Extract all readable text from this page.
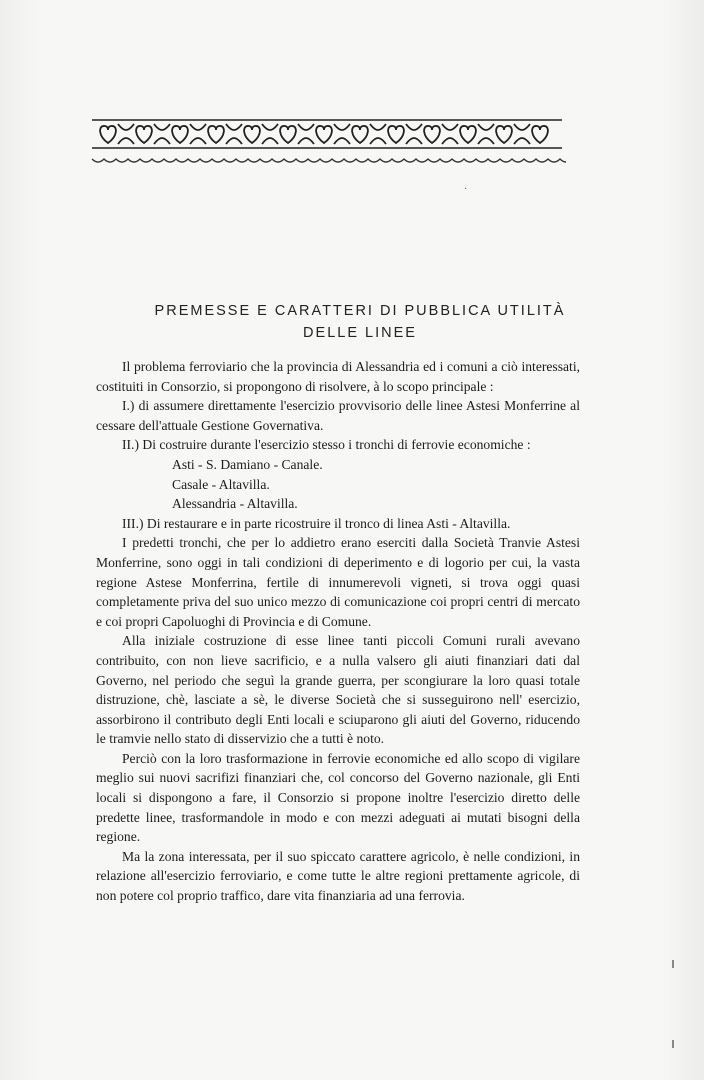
·
PREMESSE E CARATTERI DI PUBBLICA UTILITÀ
DELLE LINEE

Il problema ferroviario che la provincia di Alessandria ed i comuni a ciò interessati, costituiti in Consorzio, si propongono di risolvere, à lo scopo principale :

I.) di assumere direttamente l'esercizio provvisorio delle linee Astesi Monferrine al cessare dell'attuale Gestione Governativa.

II.) Di costruire durante l'esercizio stesso i tronchi di ferrovie economiche :

Asti - S. Damiano - Canale.

Casale - Altavilla.

Alessandria - Altavilla.

III.) Di restaurare e in parte ricostruire il tronco di linea Asti - Altavilla.

I predetti tronchi, che per lo addietro erano eserciti dalla Società Tranvie Astesi Monferrine, sono oggi in tali condizioni di deperimento e di logorio per cui, la vasta regione Astese Monferrina, fertile di innumerevoli vigneti, si trova oggi quasi completamente priva del suo unico mezzo di comunicazione coi propri centri di mercato e coi propri Capoluoghi di Provincia e di Comune.

Alla iniziale costruzione di esse linee tanti piccoli Comuni rurali avevano contribuito, con non lieve sacrificio, e a nulla valsero gli aiuti finanziari dati dal Governo, nel periodo che seguì la grande guerra, per scongiurare la loro quasi totale distruzione, chè, lasciate a sè, le diverse Società che si susseguirono nell' esercizio, assorbirono il contributo degli Enti locali e sciuparono gli aiuti del Governo, riducendo le tramvie nello stato di disservizio che a tutti è noto.

Perciò con la loro trasformazione in ferrovie economiche ed allo scopo di vigilare meglio sui nuovi sacrifizi finanziari che, col concorso del Governo nazionale, gli Enti locali si dispongono a fare, il Consorzio si propone inoltre l'esercizio diretto delle predette linee, trasformandole in modo e con mezzi adeguati ai mutati bisogni della regione.

Ma la zona interessata, per il suo spiccato carattere agricolo, è nelle condizioni, in relazione all'esercizio ferroviario, e come tutte le altre regioni prettamente agricole, di non potere col proprio traffico, dare vita finanziaria ad una ferrovia.
